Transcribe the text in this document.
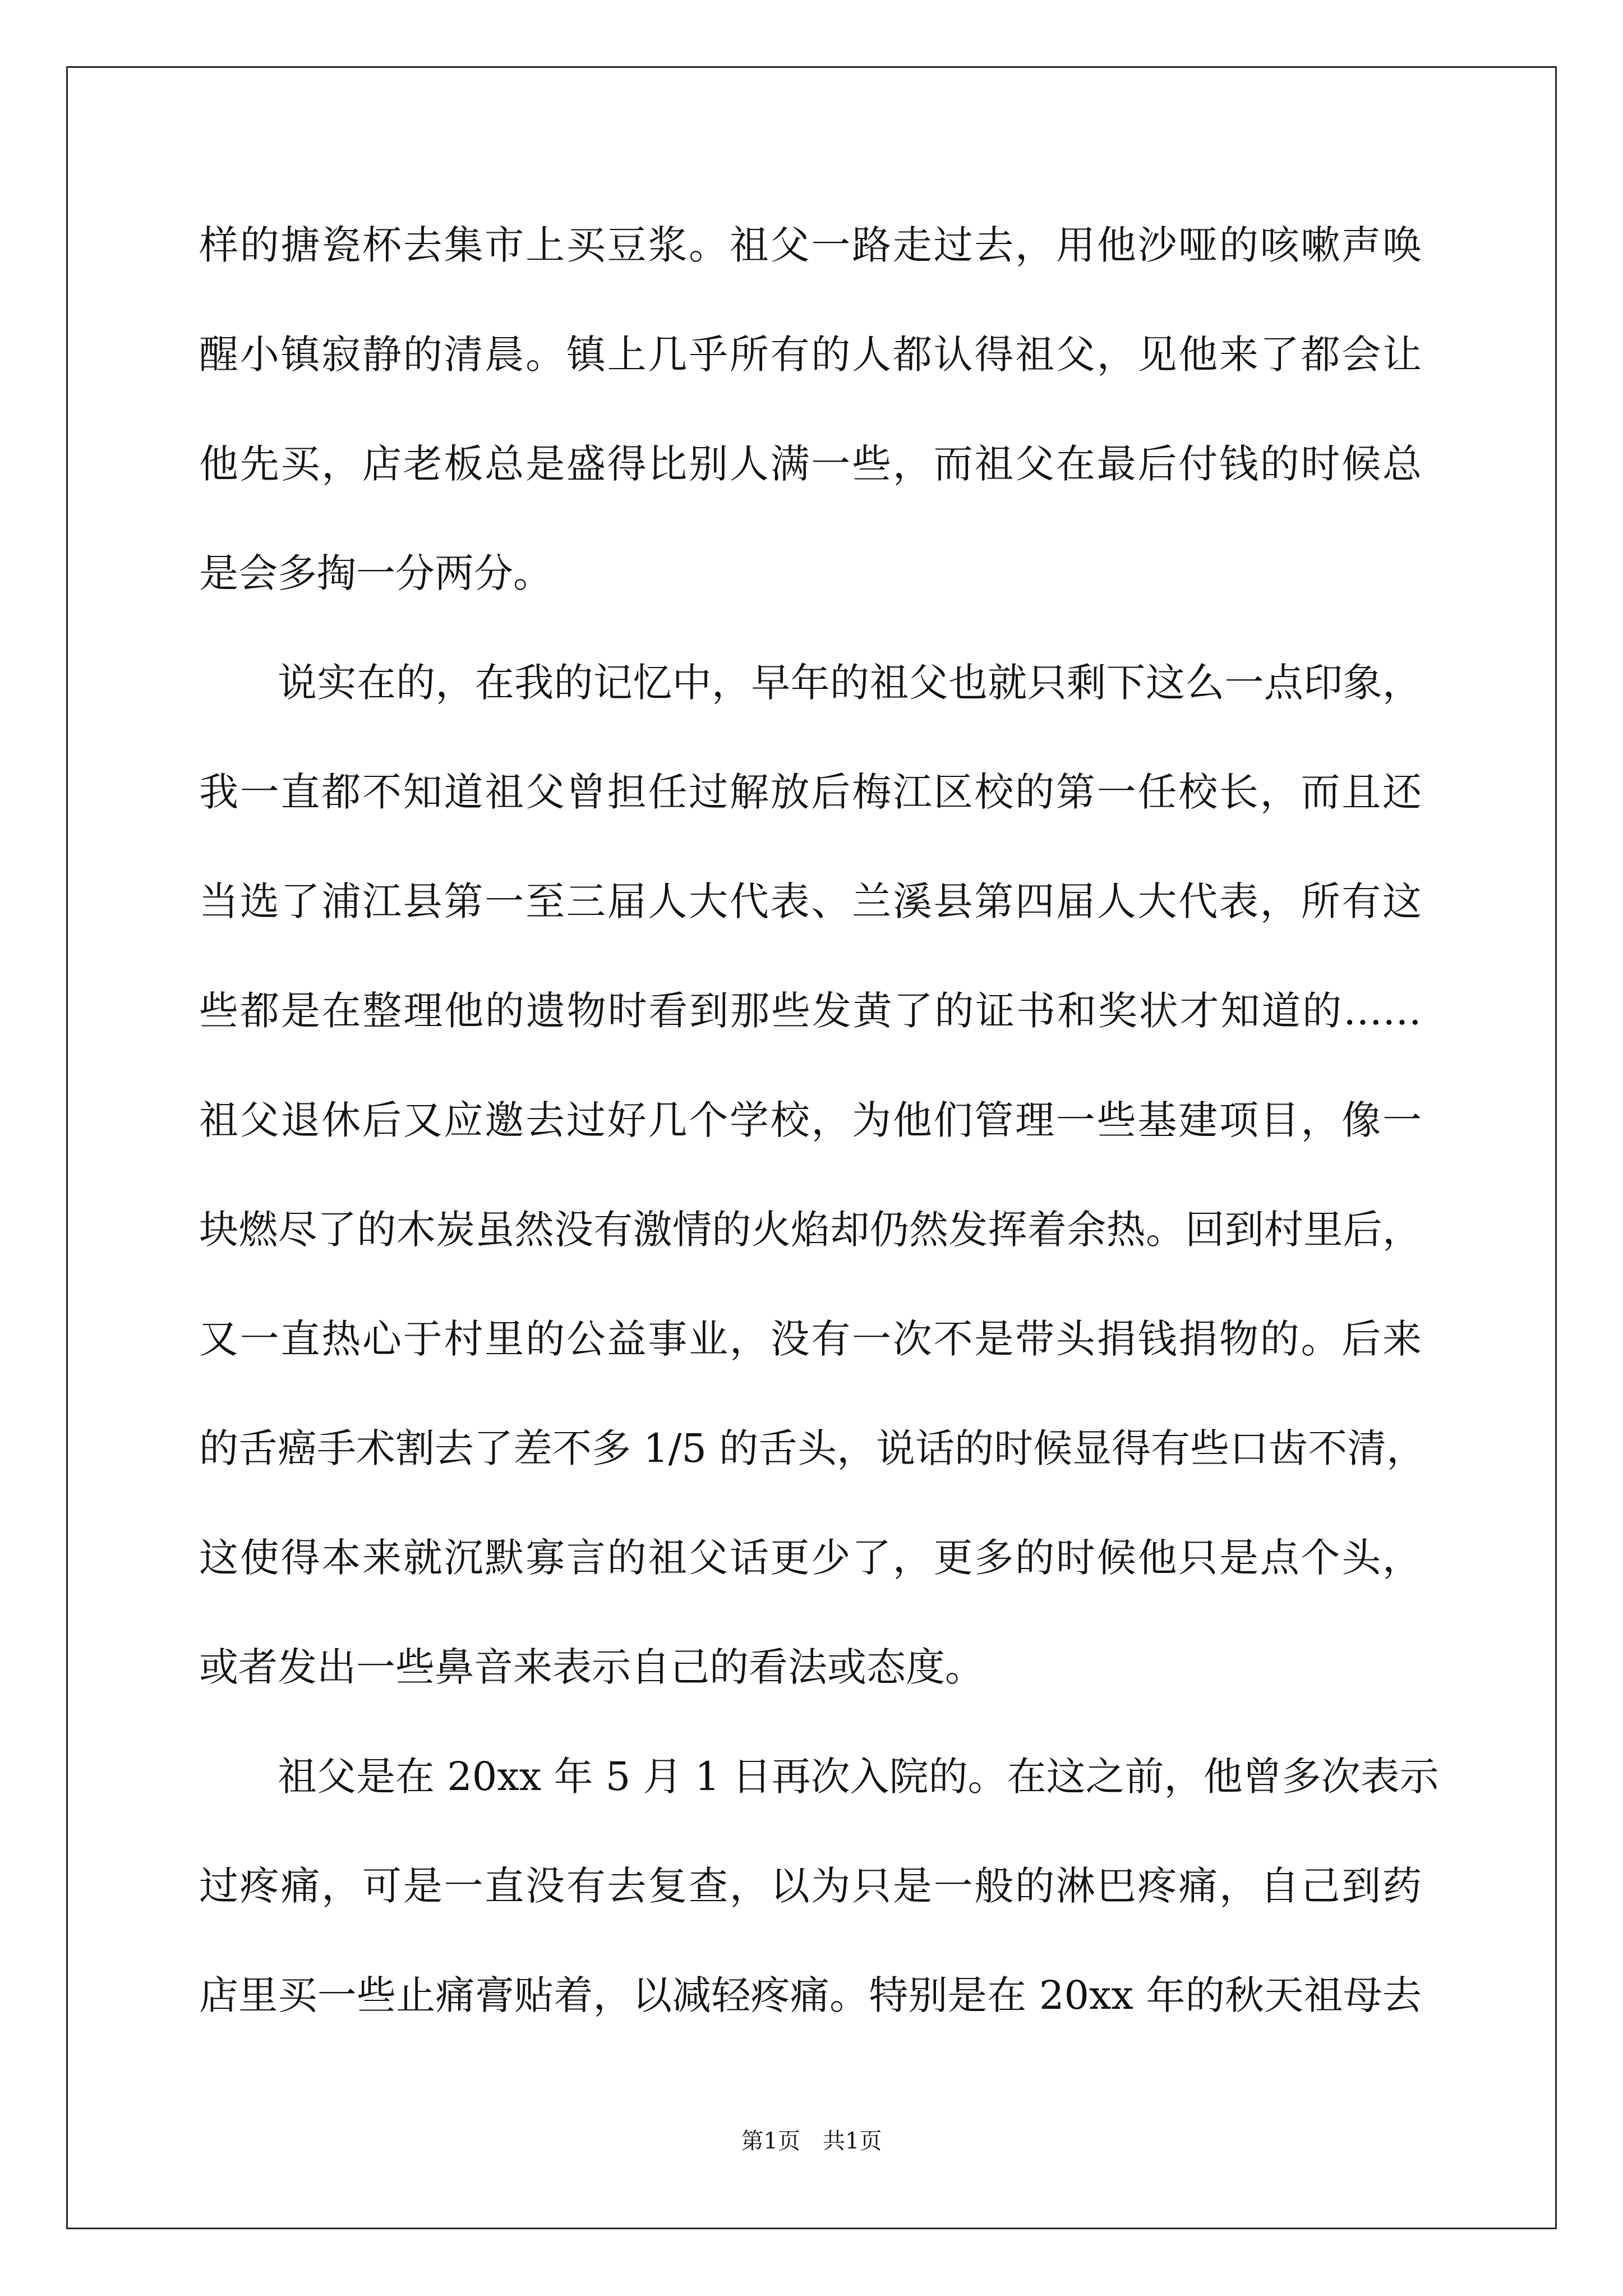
样的搪瓷杯去集市上买豆浆。祖父一路走过去，用他沙哑的咳嗽声唤
醒小镇寂静的清晨。镇上几乎所有的人都认得祖父，见他来了都会让
他先买，店老板总是盛得比别人满一些，而祖父在最后付钱的时候总
是会多掏一分两分。
说实在的，在我的记忆中，早年的祖父也就只剩下这么一点印象，
我一直都不知道祖父曾担任过解放后梅江区校的第一任校长，而且还
当选了浦江县第一至三届人大代表、兰溪县第四届人大代表，所有这
些都是在整理他的遗物时看到那些发黄了的证书和奖状才知道的……
祖父退休后又应邀去过好几个学校，为他们管理一些基建项目，像一
块燃尽了的木炭虽然没有激情的火焰却仍然发挥着余热。回到村里后，
又一直热心于村里的公益事业，没有一次不是带头捐钱捐物的。后来
的舌癌手术割去了差不多 1/5 的舌头，说话的时候显得有些口齿不清，
这使得本来就沉默寡言的祖父话更少了，更多的时候他只是点个头，
或者发出一些鼻音来表示自己的看法或态度。
祖父是在 20xx 年 5 月 1 日再次入院的。在这之前，他曾多次表示
过疼痛，可是一直没有去复查，以为只是一般的淋巴疼痛，自己到药
店里买一些止痛膏贴着，以减轻疼痛。特别是在 20xx 年的秋天祖母去
第1页　共1页
